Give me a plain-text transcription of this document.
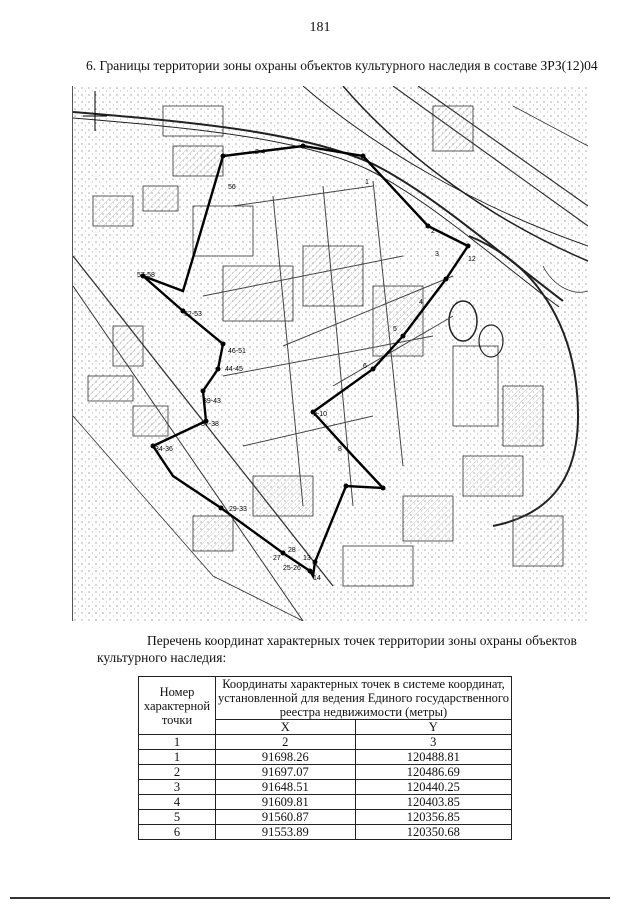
181
6. Границы территории зоны охраны объектов культурного наследия в составе ЗРЗ(12)04
56
57-58
2-4
1
12
2
3
4
5
6
52-53
46-51
44-45
39-43
37-38
34-36
9-10
8
29-33
27
28
25-26
13
14
Перечень координат характерных точек территории зоны охраны объектов
культурного наследия:
Номер характерной точки	Координаты характерных точек в системе координат, установленной для ведения Единого государственного реестра недвижимости (метры)	
	X	Y
1	2	3
1	91698.26	120488.81
2	91697.07	120486.69
3	91648.51	120440.25
4	91609.81	120403.85
5	91560.87	120356.85
6	91553.89	120350.68
